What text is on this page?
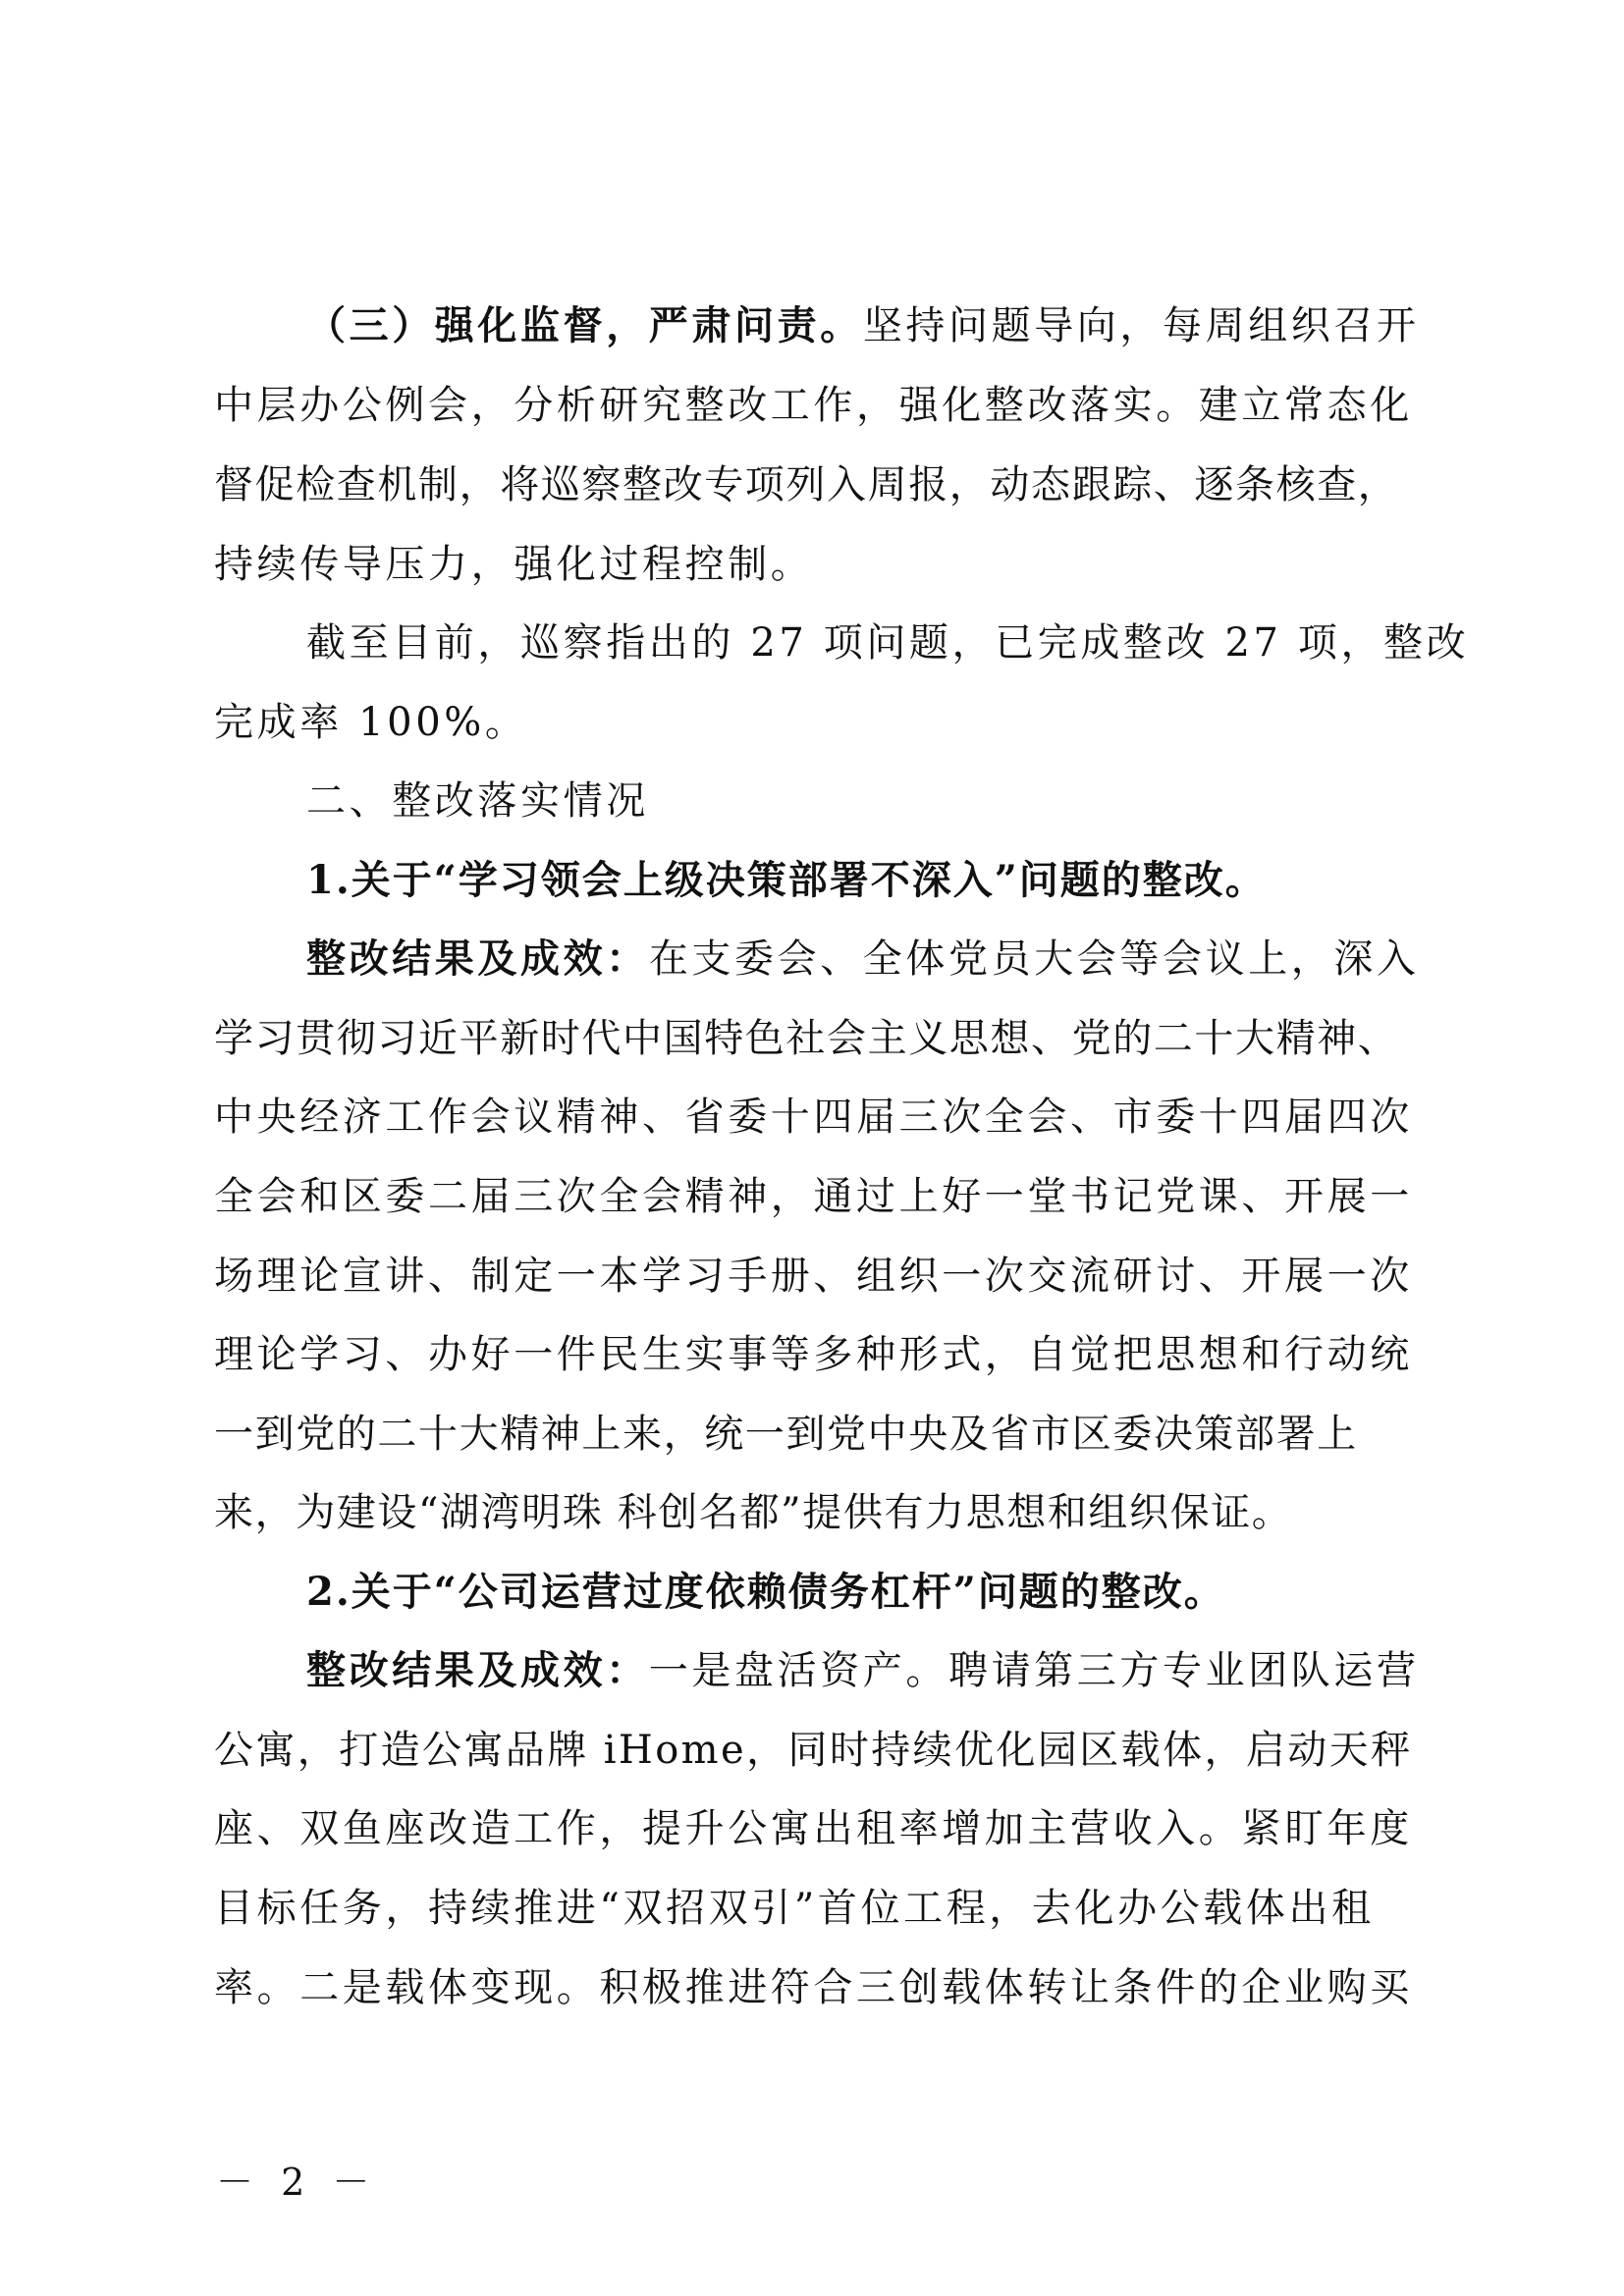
（三）强化监督，严肃问责。坚持问题导向，每周组织召开
中层办公例会，分析研究整改工作，强化整改落实。建立常态化
督促检查机制，将巡察整改专项列入周报，动态跟踪、逐条核查，
持续传导压力，强化过程控制。
截至目前，巡察指出的 27 项问题，已完成整改 27 项，整改
完成率 100%。
二、整改落实情况
1.关于“学习领会上级决策部署不深入”问题的整改。
整改结果及成效：在支委会、全体党员大会等会议上，深入
学习贯彻习近平新时代中国特色社会主义思想、党的二十大精神、
中央经济工作会议精神、省委十四届三次全会、市委十四届四次
全会和区委二届三次全会精神，通过上好一堂书记党课、开展一
场理论宣讲、制定一本学习手册、组织一次交流研讨、开展一次
理论学习、办好一件民生实事等多种形式，自觉把思想和行动统
一到党的二十大精神上来，统一到党中央及省市区委决策部署上
来，为建设“湖湾明珠 科创名都”提供有力思想和组织保证。
2.关于“公司运营过度依赖债务杠杆”问题的整改。
整改结果及成效：一是盘活资产。聘请第三方专业团队运营
公寓，打造公寓品牌 iHome，同时持续优化园区载体，启动天秤
座、双鱼座改造工作，提升公寓出租率增加主营收入。紧盯年度
目标任务，持续推进“双招双引”首位工程，去化办公载体出租
率。二是载体变现。积极推进符合三创载体转让条件的企业购买
－ 2 －
